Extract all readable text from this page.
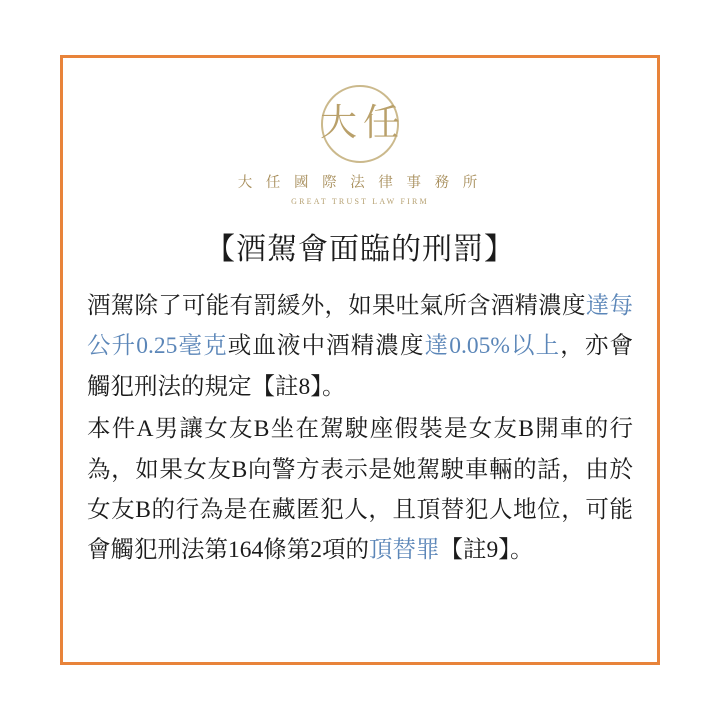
大任
大 任 國 際 法 律 事 務 所
GREAT TRUST LAW FIRM
【酒駕會面臨的刑罰】

酒駕除了可能有罰緩外，如果吐氣所含酒精濃度達每公升0.25毫克或血液中酒精濃度達0.05%以上，亦會觸犯刑法的規定【註8】。

本件A男讓女友B坐在駕駛座假裝是女友B開車的行為，如果女友B向警方表示是她駕駛車輛的話，由於女友B的行為是在藏匿犯人，且頂替犯人地位，可能會觸犯刑法第164條第2項的頂替罪【註9】。
